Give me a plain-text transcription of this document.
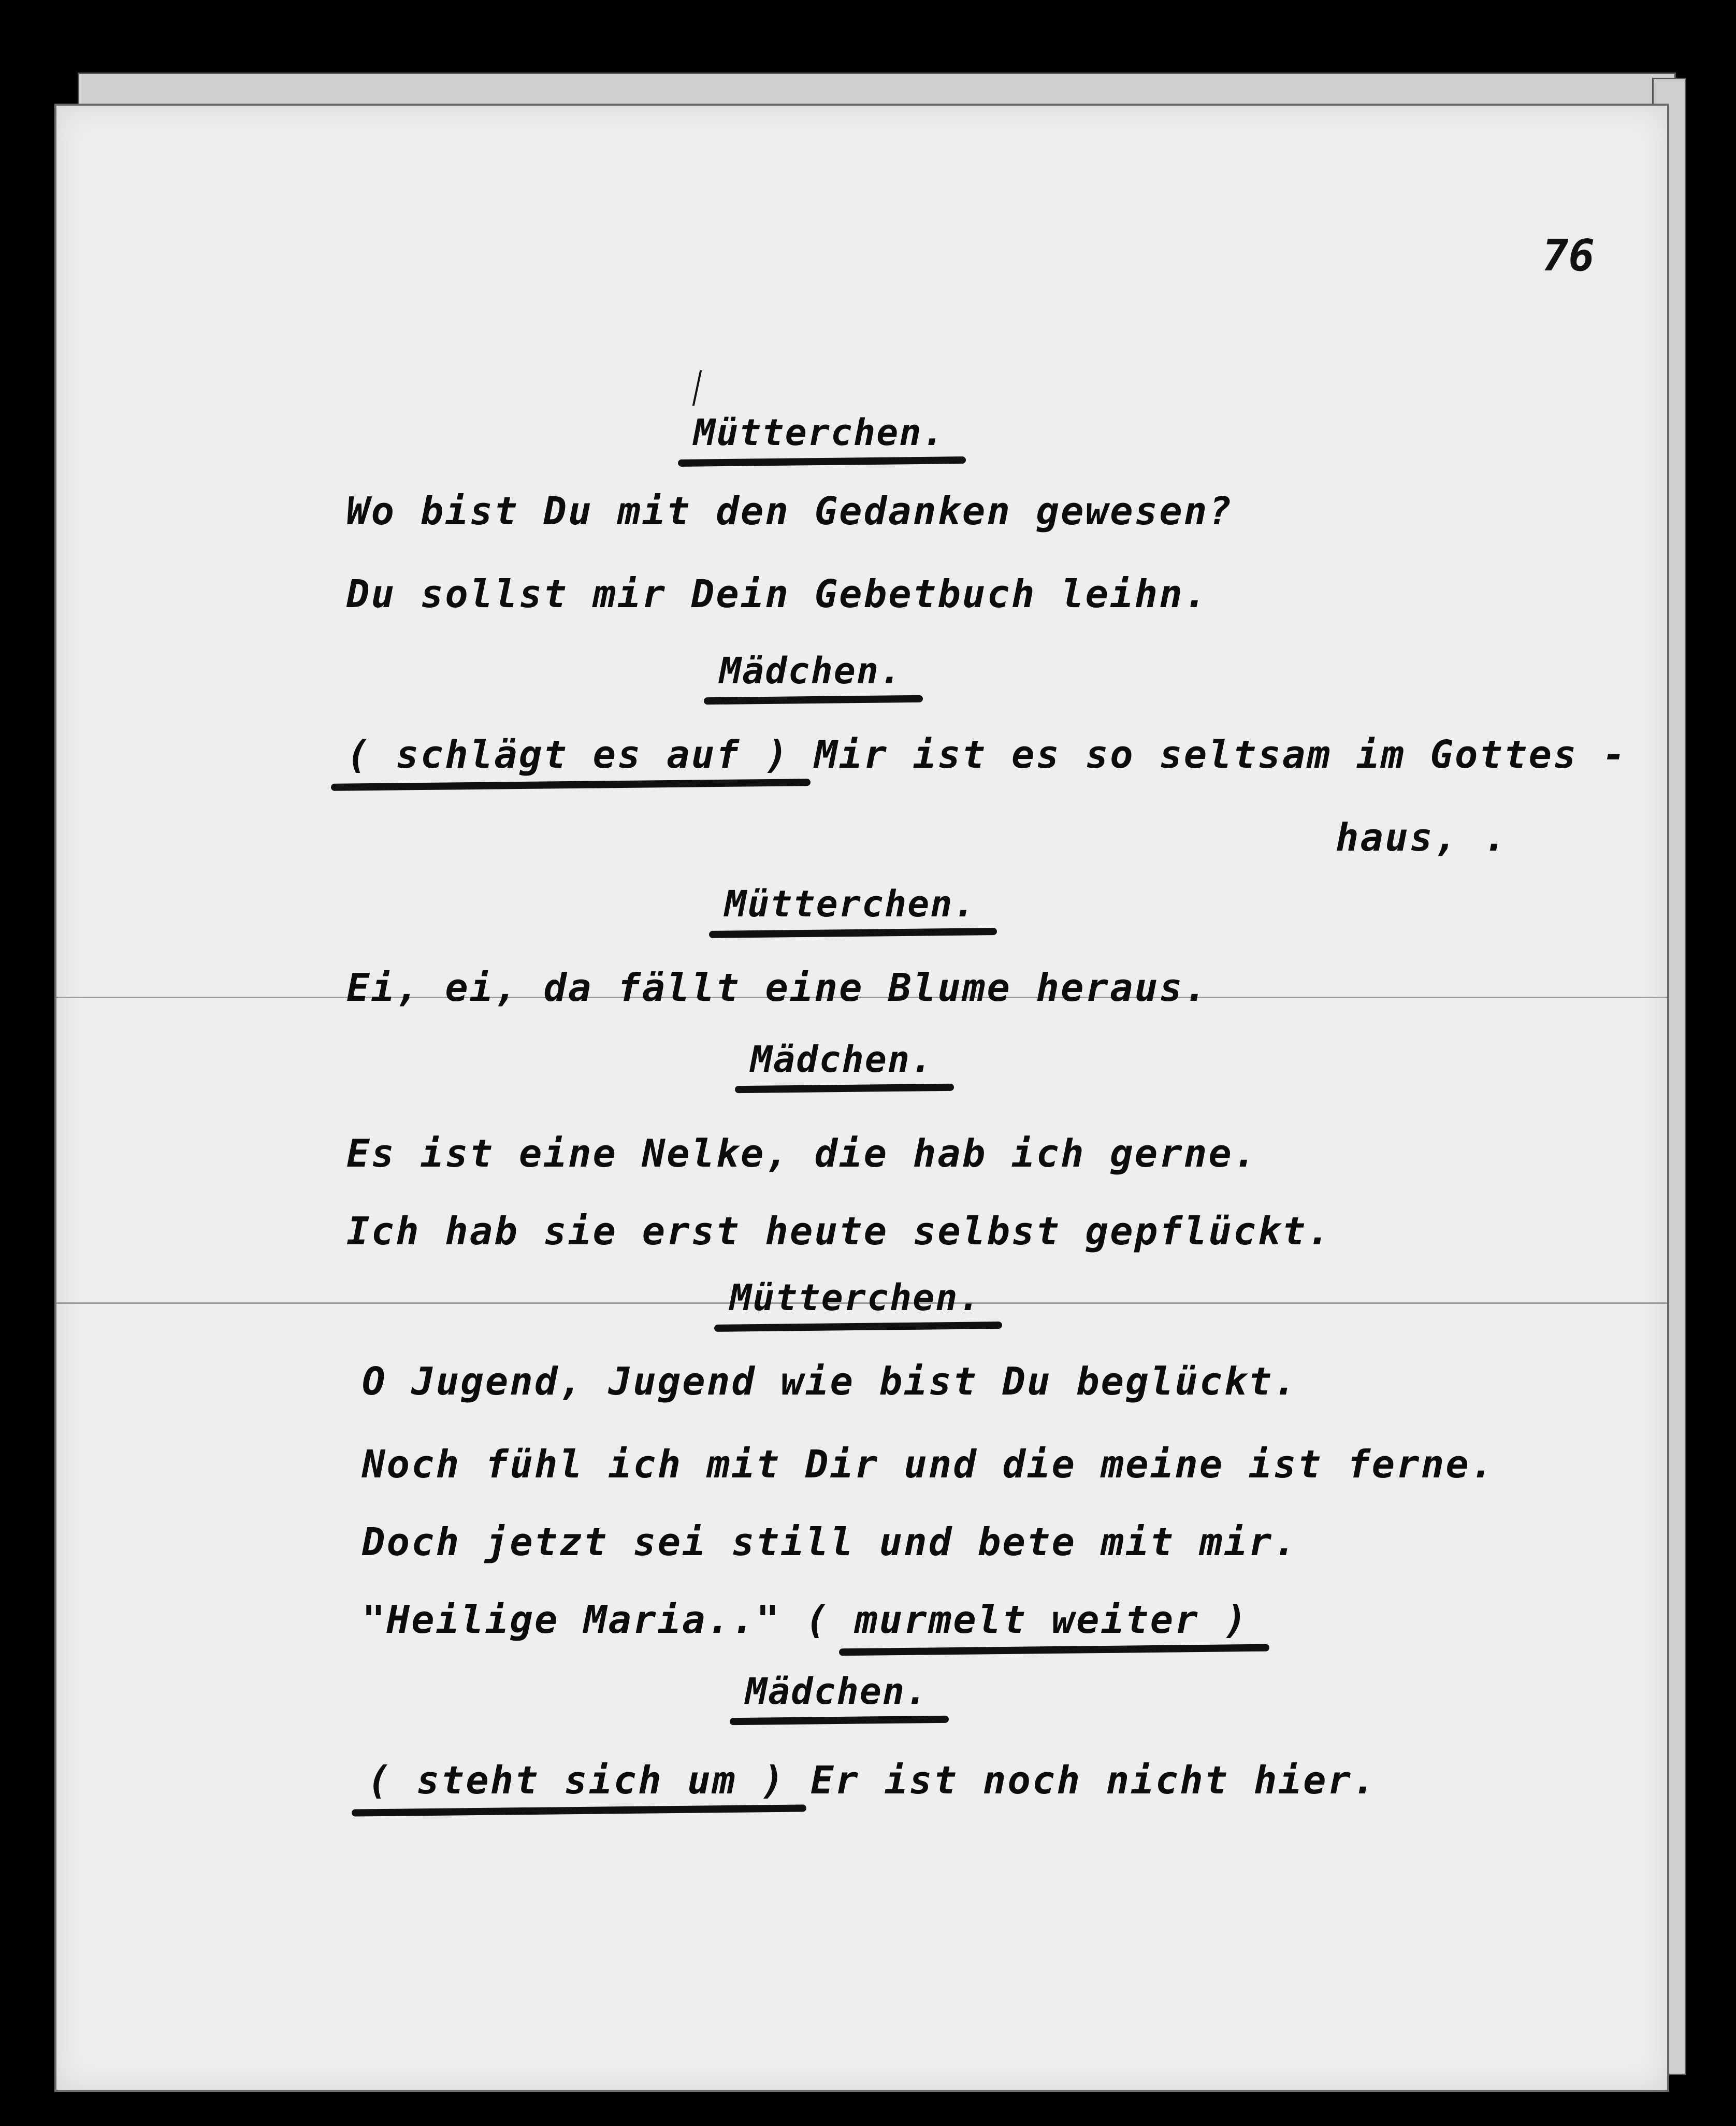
76

Mütterchen.

Wo bist Du mit den Gedanken gewesen?

Du sollst mir Dein Gebetbuch leihn.

Mädchen.

( schlägt es auf ) Mir ist es so seltsam im Gottes -

haus, .

Mütterchen.

Ei, ei, da fällt eine Blume heraus.

Mädchen.

Es ist eine Nelke, die hab ich gerne.

Ich hab sie erst heute selbst gepflückt.

Mütterchen.

O Jugend, Jugend wie bist Du beglückt.

Noch fühl ich mit Dir und die meine ist ferne.

Doch jetzt sei still und bete mit mir.

"Heilige Maria.." ( murmelt weiter )

Mädchen.

( steht sich um ) Er ist noch nicht hier.
